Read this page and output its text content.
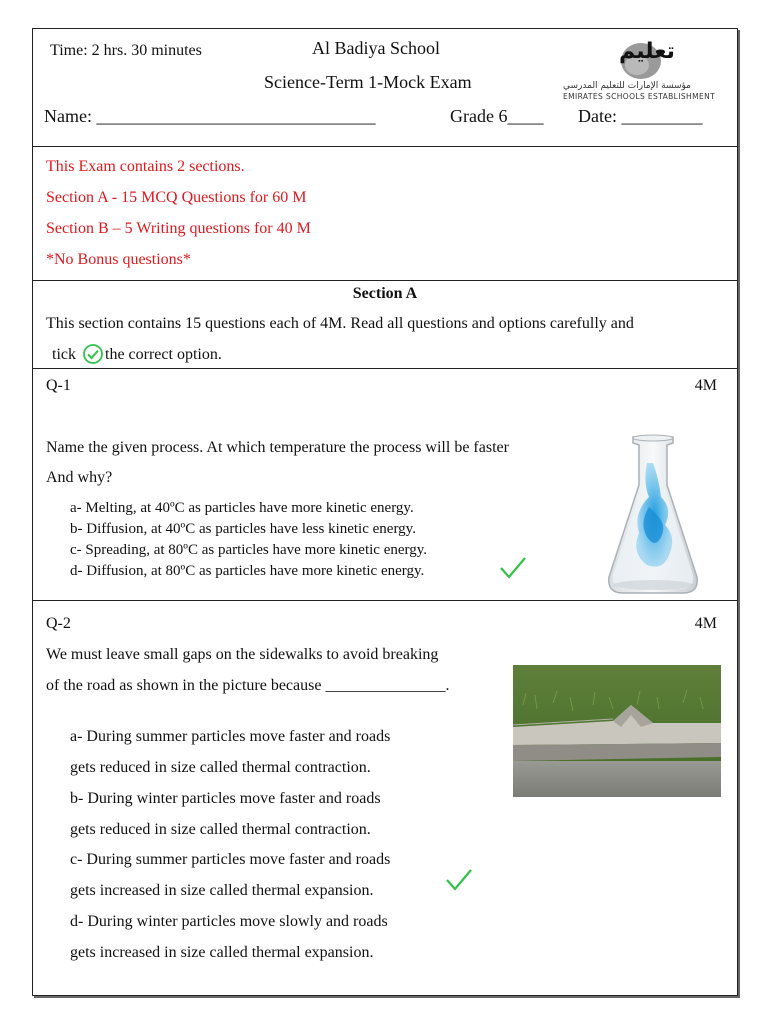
Time: 2 hrs. 30 minutes	Al Badiya School
Science-Term 1-Mock Exam
Name: _______________________________	Grade 6____ Date: _________
تعليم
مؤسسة الإمارات للتعليم المدرسي
EMIRATES SCHOOLS ESTABLISHMENT
This Exam contains 2 sections.
Section A - 15 MCQ Questions for 60 M
Section B – 5 Writing questions for 40 M
*No Bonus questions*
Section A
This section contains 15 questions each of 4M. Read all questions and options carefully and
tick the correct option.
Q-1	4M
Name the given process. At which temperature the process will be faster
And why?
a- Melting, at 40ºC as particles have more kinetic energy.
b- Diffusion, at 40ºC as particles have less kinetic energy.
c- Spreading, at 80ºC as particles have more kinetic energy.
d- Diffusion, at 80ºC as particles have more kinetic energy.
Q-2	4M
We must leave small gaps on the sidewalks to avoid breaking
of the road as shown in the picture because _______________.
a- During summer particles move faster and roads
gets reduced in size called thermal contraction.
b- During winter particles move faster and roads
gets reduced in size called thermal contraction.
c- During summer particles move faster and roads
gets increased in size called thermal expansion.
d- During winter particles move slowly and roads
gets increased in size called thermal expansion.
